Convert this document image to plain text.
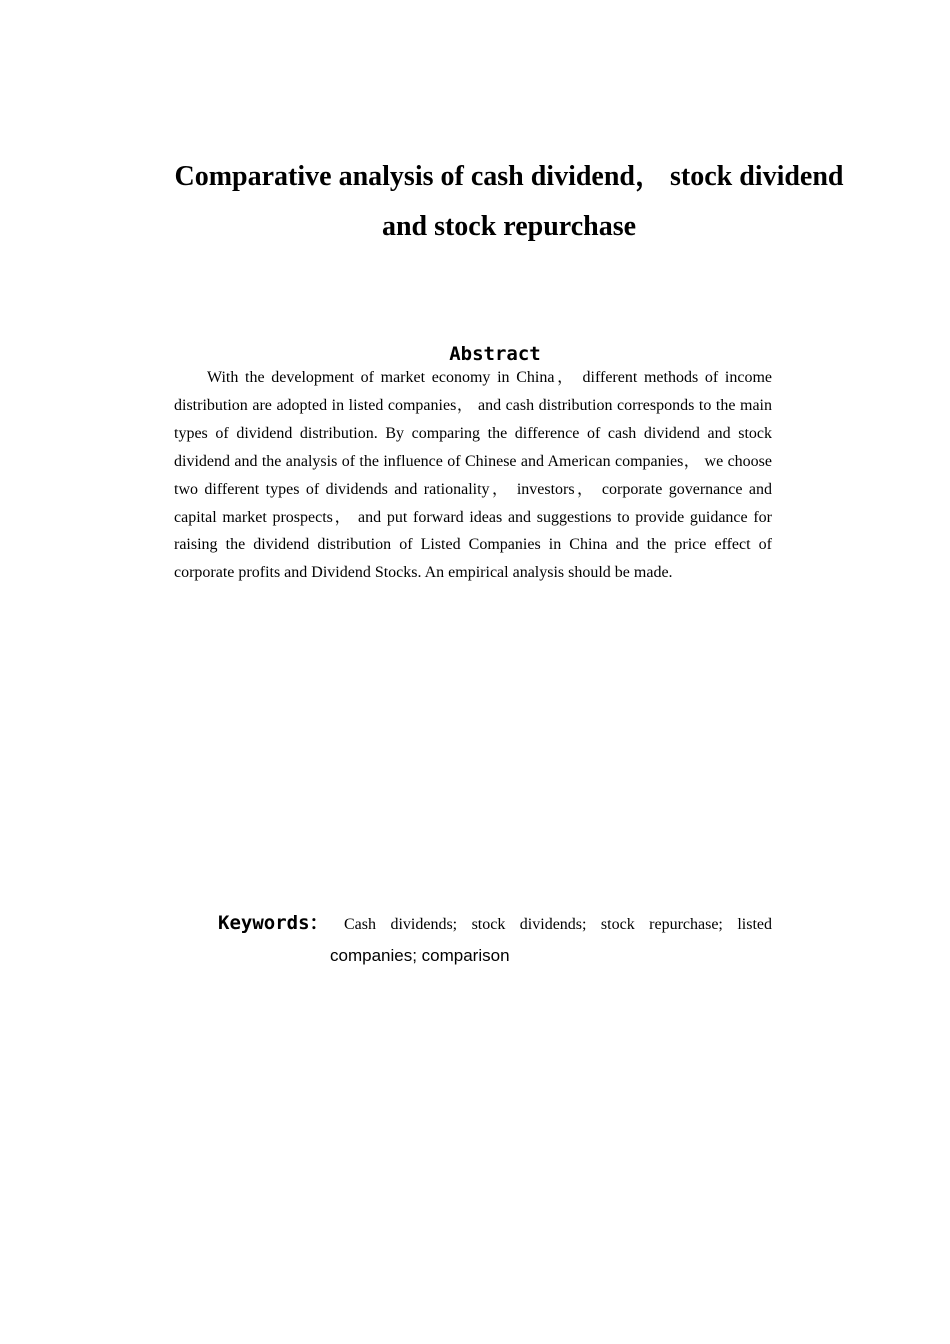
Comparative analysis of cash dividend， stock dividend
and stock repurchase
Abstract

With the development of market economy in China， different methods of income distribution are adopted in listed companies， and cash distribution corresponds to the main types of dividend distribution. By comparing the difference of cash dividend and stock dividend and the analysis of the influence of Chinese and American companies， we choose two different types of dividends and rationality， investors， corporate governance and capital market prospects， and put forward ideas and suggestions to provide guidance for raising the dividend distribution of Listed Companies in China and the price effect of corporate profits and Dividend Stocks. An empirical analysis should be made.

Keywords： Cash dividends; stock dividends; stock repurchase; listed
companies; comparison
